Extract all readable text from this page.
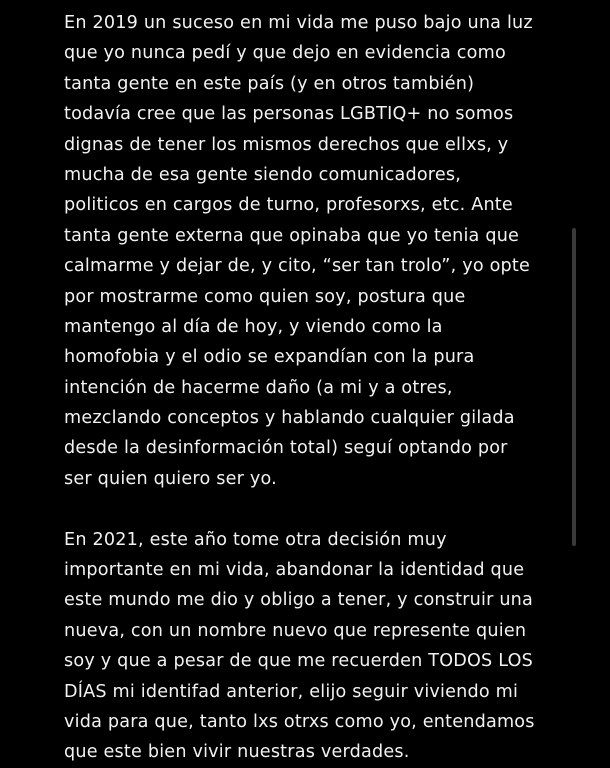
En 2019 un suceso en mi vida me puso bajo una luz
que yo nunca pedí y que dejo en evidencia como
tanta gente en este país (y en otros también)
todavía cree que las personas LGBTIQ+ no somos
dignas de tener los mismos derechos que ellxs, y
mucha de esa gente siendo comunicadores,
politicos en cargos de turno, profesorxs, etc. Ante
tanta gente externa que opinaba que yo tenia que
calmarme y dejar de, y cito, “ser tan trolo”, yo opte
por mostrarme como quien soy, postura que
mantengo al día de hoy, y viendo como la
homofobia y el odio se expandían con la pura
intención de hacerme daño (a mi y a otres,
mezclando conceptos y hablando cualquier gilada
desde la desinformación total) seguí optando por
ser quien quiero ser yo.
En 2021, este año tome otra decisión muy
importante en mi vida, abandonar la identidad que
este mundo me dio y obligo a tener, y construir una
nueva, con un nombre nuevo que represente quien
soy y que a pesar de que me recuerden TODOS LOS
DÍAS mi identifad anterior, elijo seguir viviendo mi
vida para que, tanto lxs otrxs como yo, entendamos
que este bien vivir nuestras verdades.
